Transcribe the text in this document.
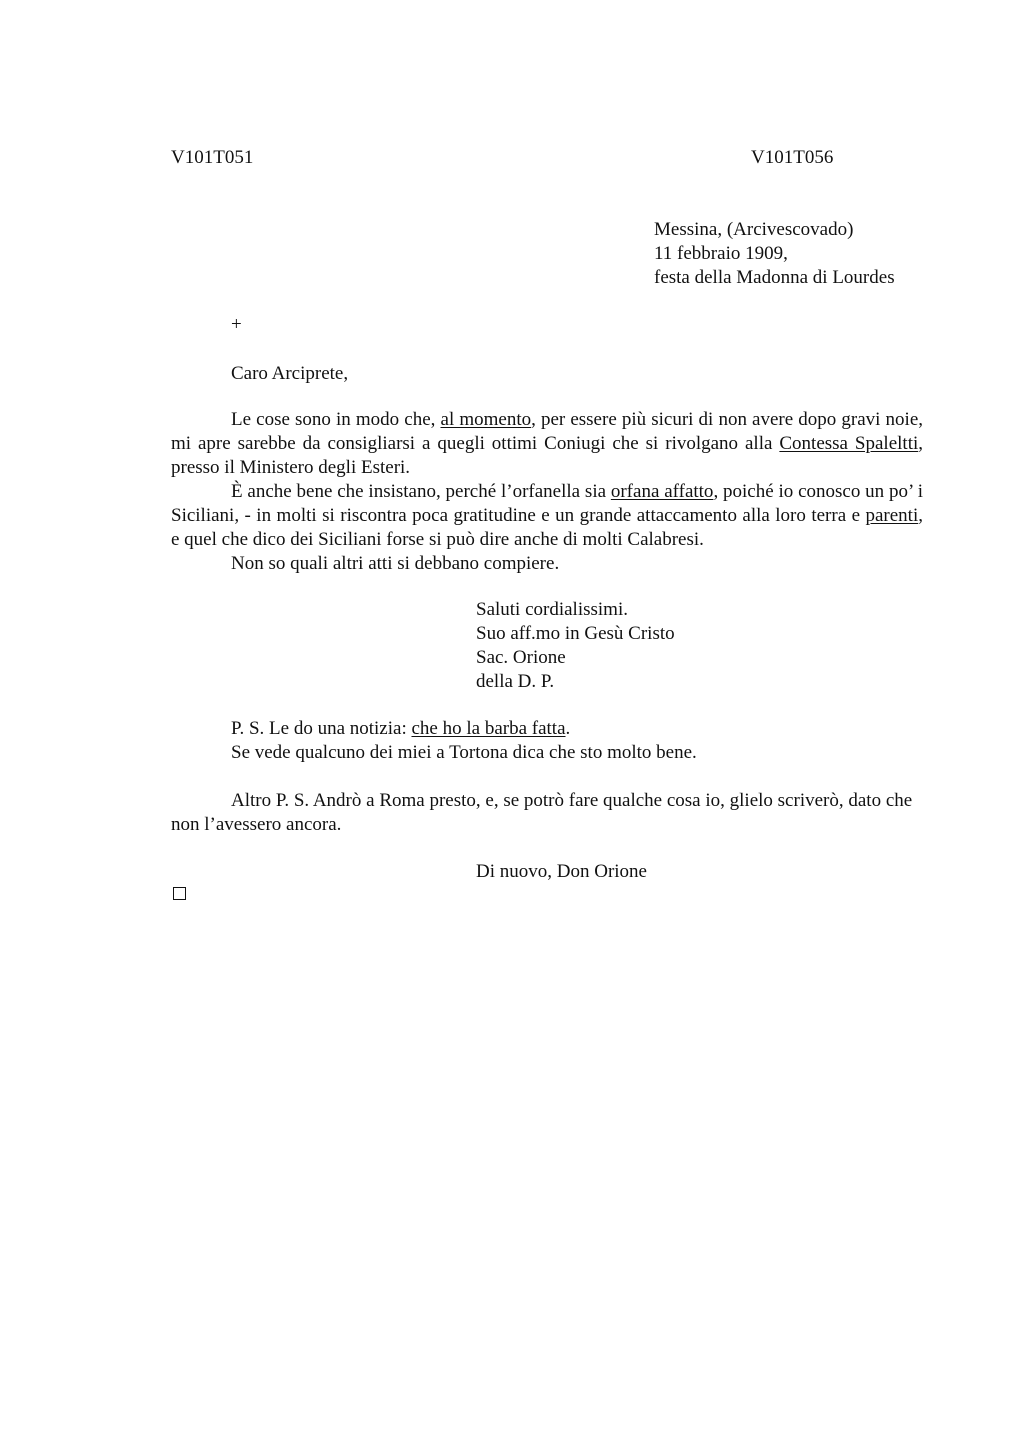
V101T051	V101T056
Messina, (Arcivescovado)
11 febbraio 1909,
festa della Madonna di Lourdes
+
Caro Arciprete,

Le cose sono in modo che, al momento, per essere più sicuri di non avere dopo gravi noie, mi apre sarebbe da consigliarsi a quegli ottimi Coniugi che si rivolgano alla Contessa Spaleltti, presso il Ministero degli Esteri.

È anche bene che insistano, perché l’orfanella sia orfana affatto, poiché io conosco un po’ i Siciliani, - in molti si riscontra poca gratitudine e un grande attaccamento alla loro terra e parenti, e quel che dico dei Siciliani forse si può dire anche di molti Calabresi.

Non so quali altri atti si debbano compiere.

Saluti cordialissimi.
Suo aff.mo in Gesù Cristo
Sac. Orione
della D. P.
P. S. Le do una notizia: che ho la barba fatta.
Se vede qualcuno dei miei a Tortona dica che sto molto bene.

Altro P. S. Andrò a Roma presto, e, se potrò fare qualche cosa io, glielo scriverò, dato che non l’avessero ancora.

Di nuovo, Don Orione
